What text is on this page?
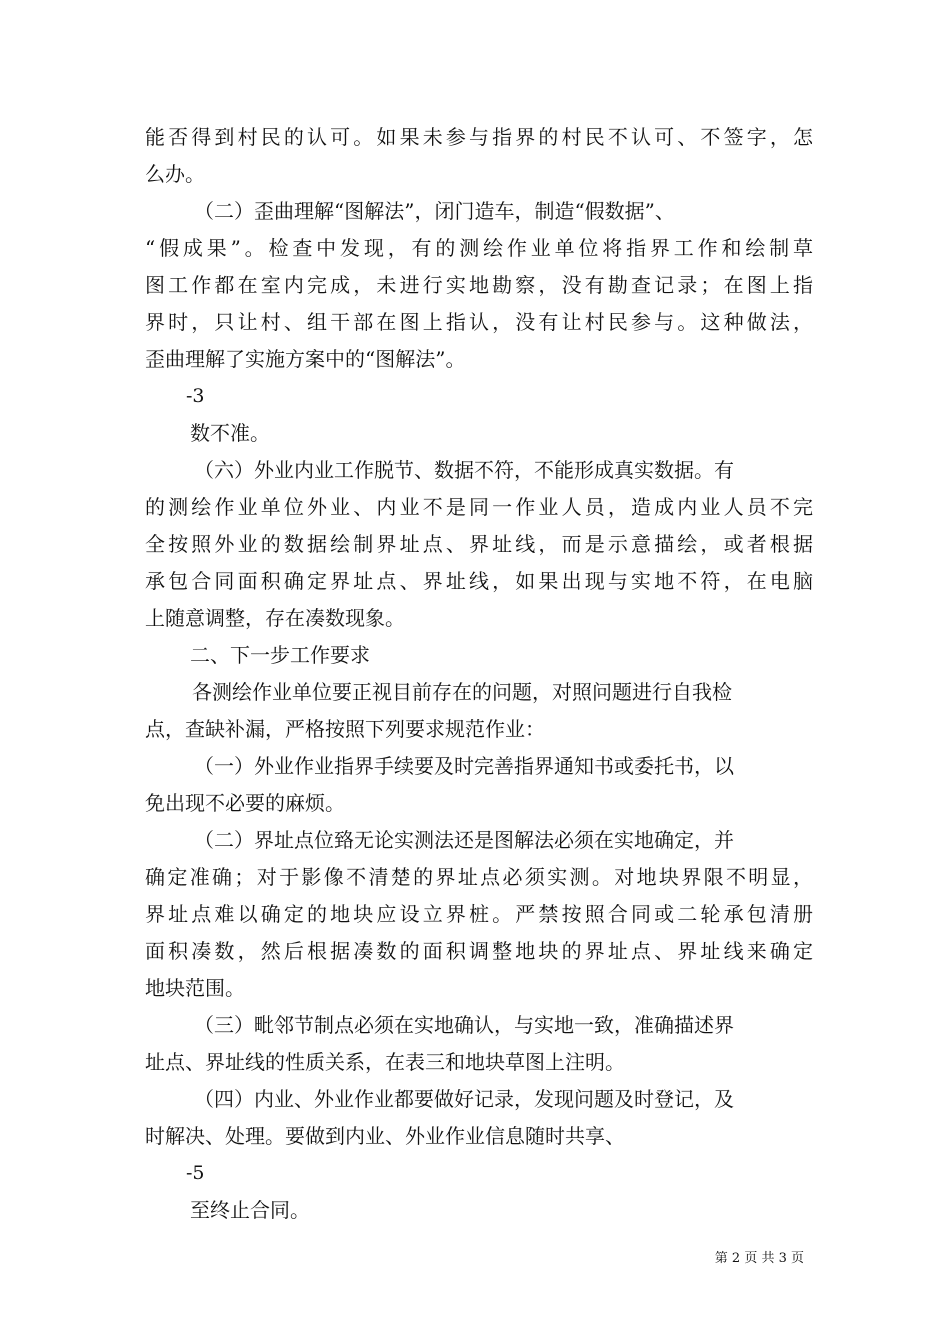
能否得到村民的认可。如果未参与指界的村民不认可、不签字，怎
么办。
（二）歪曲理解“图解法”，闭门造车，制造“假数据”、
“假成果”。检查中发现，有的测绘作业单位将指界工作和绘制草
图工作都在室内完成，未进行实地勘察，没有勘查记录；在图上指
界时，只让村、组干部在图上指认，没有让村民参与。这种做法，
歪曲理解了实施方案中的“图解法”。
-3
数不准。
（六）外业内业工作脱节、数据不符，不能形成真实数据。有
的测绘作业单位外业、内业不是同一作业人员，造成内业人员不完
全按照外业的数据绘制界址点、界址线，而是示意描绘，或者根据
承包合同面积确定界址点、界址线，如果出现与实地不符，在电脑
上随意调整，存在凑数现象。
二、下一步工作要求
各测绘作业单位要正视目前存在的问题，对照问题进行自我检
点，查缺补漏，严格按照下列要求规范作业：
（一）外业作业指界手续要及时完善指界通知书或委托书，以
免出现不必要的麻烦。
（二）界址点位臵无论实测法还是图解法必须在实地确定，并
确定准确；对于影像不清楚的界址点必须实测。对地块界限不明显，
界址点难以确定的地块应设立界桩。严禁按照合同或二轮承包清册
面积凑数，然后根据凑数的面积调整地块的界址点、界址线来确定
地块范围。
（三）毗邻节制点必须在实地确认，与实地一致，准确描述界
址点、界址线的性质关系，在表三和地块草图上注明。
（四）内业、外业作业都要做好记录，发现问题及时登记，及
时解决、处理。要做到内业、外业作业信息随时共享、
-5
至终止合同。
第 2 页 共 3 页
